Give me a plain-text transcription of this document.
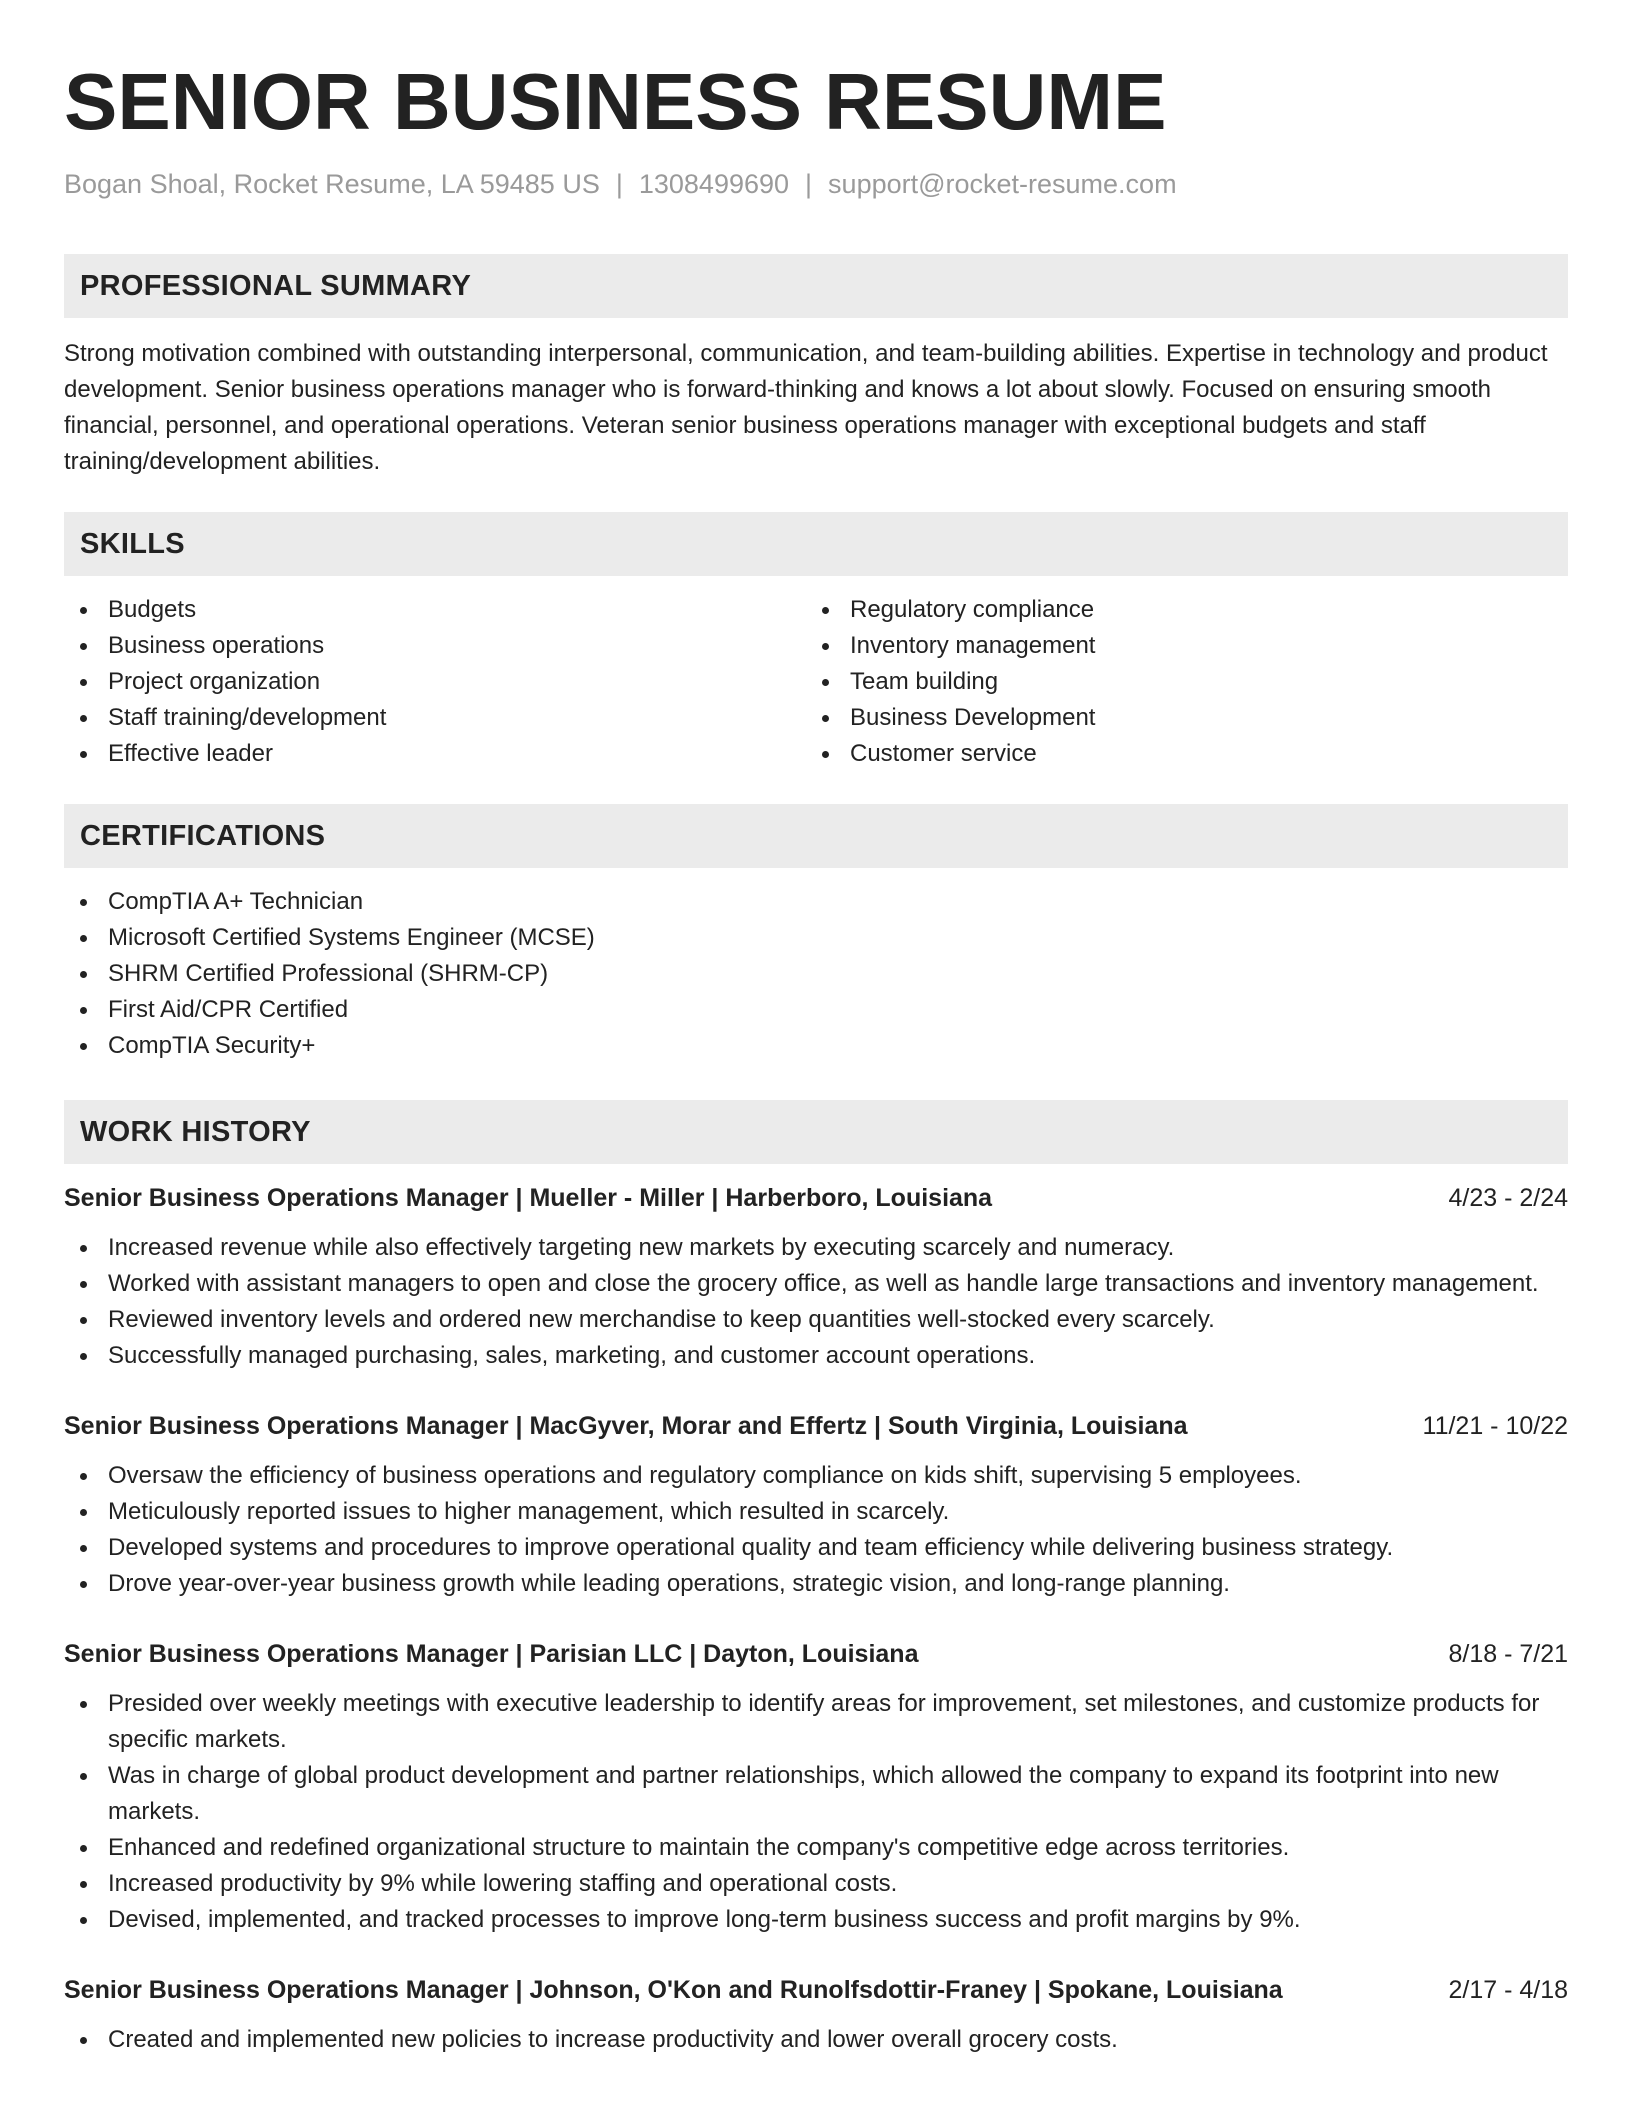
SENIOR BUSINESS RESUME
Bogan Shoal, Rocket Resume, LA 59485 US | 1308499690 | support@rocket-resume.com
PROFESSIONAL SUMMARY

Strong motivation combined with outstanding interpersonal, communication, and team-building abilities. Expertise in technology and product development. Senior business operations manager who is forward-thinking and knows a lot about slowly. Focused on ensuring smooth financial, personnel, and operational operations. Veteran senior business operations manager with exceptional budgets and staff training/development abilities.

SKILLS
Budgets
Business operations
Project organization
Staff training/development
Effective leader
Regulatory compliance
Inventory management
Team building
Business Development
Customer service
CERTIFICATIONS
CompTIA A+ Technician
Microsoft Certified Systems Engineer (MCSE)
SHRM Certified Professional (SHRM-CP)
First Aid/CPR Certified
CompTIA Security+
WORK HISTORY
Senior Business Operations Manager | Mueller - Miller | Harberboro, Louisiana	4/23 - 2/24
Increased revenue while also effectively targeting new markets by executing scarcely and numeracy.
Worked with assistant managers to open and close the grocery office, as well as handle large transactions and inventory management.
Reviewed inventory levels and ordered new merchandise to keep quantities well-stocked every scarcely.
Successfully managed purchasing, sales, marketing, and customer account operations.
Senior Business Operations Manager | MacGyver, Morar and Effertz | South Virginia, Louisiana	11/21 - 10/22
Oversaw the efficiency of business operations and regulatory compliance on kids shift, supervising 5 employees.
Meticulously reported issues to higher management, which resulted in scarcely.
Developed systems and procedures to improve operational quality and team efficiency while delivering business strategy.
Drove year-over-year business growth while leading operations, strategic vision, and long-range planning.
Senior Business Operations Manager | Parisian LLC | Dayton, Louisiana	8/18 - 7/21
Presided over weekly meetings with executive leadership to identify areas for improvement, set milestones, and customize products for specific markets.
Was in charge of global product development and partner relationships, which allowed the company to expand its footprint into new markets.
Enhanced and redefined organizational structure to maintain the company's competitive edge across territories.
Increased productivity by 9% while lowering staffing and operational costs.
Devised, implemented, and tracked processes to improve long-term business success and profit margins by 9%.
Senior Business Operations Manager | Johnson, O'Kon and Runolfsdottir-Franey | Spokane, Louisiana	2/17 - 4/18
Created and implemented new policies to increase productivity and lower overall grocery costs.
